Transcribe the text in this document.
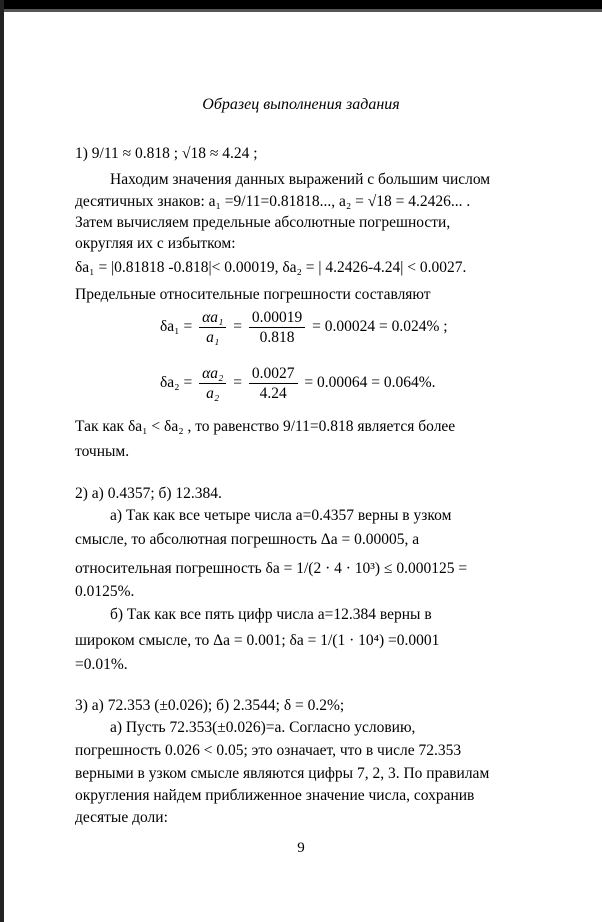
Образец выполнения задания
1) 9/11 ≈ 0.818 ; √18 ≈ 4.24 ;
Находим значения данных выражений с большим числом
десятичных знаков: a₁ =9/11=0.81818..., a₂ = √18 = 4.2426... .
Затем вычисляем предельные абсолютные погрешности,
округляя их с избытком:
δa₁ = |0.81818 -0.818|< 0.00019, δa₂ = | 4.2426-4.24| < 0.0027.
Предельные относительные погрешности составляют
$\delta a_1 = \frac{\text{αa₁}}{\text{a₁}} = \frac{0.00019}{0.818} = 0.00024 = 0.024\%$ ;
$\delta a_2 = \frac{\text{αa₂}}{\text{a₂}} = \frac{0.0027}{4.24} = 0.00064 = 0.064\%$.
Так как δa₁ < δa₂ , то равенство 9/11=0.818 является более
точным.
2) а) 0.4357; б) 12.384.
а) Так как все четыре числа a=0.4357 верны в узком
смысле, то абсолютная погрешность Δa = 0.00005, а
относительная погрешность δa = 1/(2 · 4 · 10³) ≤ 0.000125 =
0.0125%.
б) Так как все пять цифр числа a=12.384 верны в
широком смысле, то Δa = 0.001; δa = 1/(1 · 10⁴) =0.0001
=0.01%.
3) а) 72.353 (±0.026); б) 2.3544; δ = 0.2%;
а) Пусть 72.353(±0.026)=a. Согласно условию,
погрешность 0.026 < 0.05; это означает, что в числе 72.353
верными в узком смысле являются цифры 7, 2, 3. По правилам
округления найдем приближенное значение числа, сохранив
десятые доли:
9
